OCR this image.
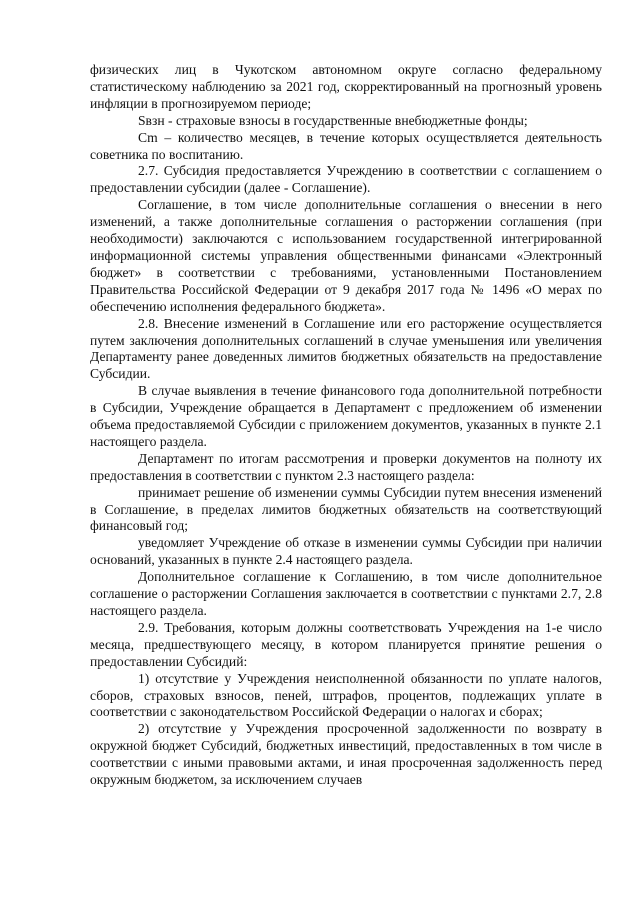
физических лиц в Чукотском автономном округе согласно федеральному статистическому наблюдению за 2021 год, скорректированный на прогнозный уровень инфляции в прогнозируемом периоде;

Sвзн - страховые взносы в государственные внебюджетные фонды;

Cm – количество месяцев, в течение которых осуществляется деятельность советника по воспитанию.

2.7. Субсидия предоставляется Учреждению в соответствии с соглашением о предоставлении субсидии (далее - Соглашение).

Соглашение, в том числе дополнительные соглашения о внесении в него изменений, а также дополнительные соглашения о расторжении соглашения (при необходимости) заключаются с использованием государственной интегрированной информационной системы управления общественными финансами «Электронный бюджет» в соответствии с требованиями, установленными Постановлением Правительства Российской Федерации от 9 декабря 2017 года № 1496 «О мерах по обеспечению исполнения федерального бюджета».

2.8. Внесение изменений в Соглашение или его расторжение осуществляется путем заключения дополнительных соглашений в случае уменьшения или увеличения Департаменту ранее доведенных лимитов бюджетных обязательств на предоставление Субсидии.

В случае выявления в течение финансового года дополнительной потребности в Субсидии, Учреждение обращается в Департамент с предложением об изменении объема предоставляемой Субсидии с приложением документов, указанных в пункте 2.1 настоящего раздела.

Департамент по итогам рассмотрения и проверки документов на полноту их предоставления в соответствии с пунктом 2.3 настоящего раздела:

принимает решение об изменении суммы Субсидии путем внесения изменений в Соглашение, в пределах лимитов бюджетных обязательств на соответствующий финансовый год;

уведомляет Учреждение об отказе в изменении суммы Субсидии при наличии оснований, указанных в пункте 2.4 настоящего раздела.

Дополнительное соглашение к Соглашению, в том числе дополнительное соглашение о расторжении Соглашения заключается в соответствии с пунктами 2.7, 2.8 настоящего раздела.

2.9. Требования, которым должны соответствовать Учреждения на 1-е число месяца, предшествующего месяцу, в котором планируется принятие решения о предоставлении Субсидий:

1) отсутствие у Учреждения неисполненной обязанности по уплате налогов, сборов, страховых взносов, пеней, штрафов, процентов, подлежащих уплате в соответствии с законодательством Российской Федерации о налогах и сборах;

2) отсутствие у Учреждения просроченной задолженности по возврату в окружной бюджет Субсидий, бюджетных инвестиций, предоставленных в том числе в соответствии с иными правовыми актами, и иная просроченная задолженность перед окружным бюджетом, за исключением случаев
